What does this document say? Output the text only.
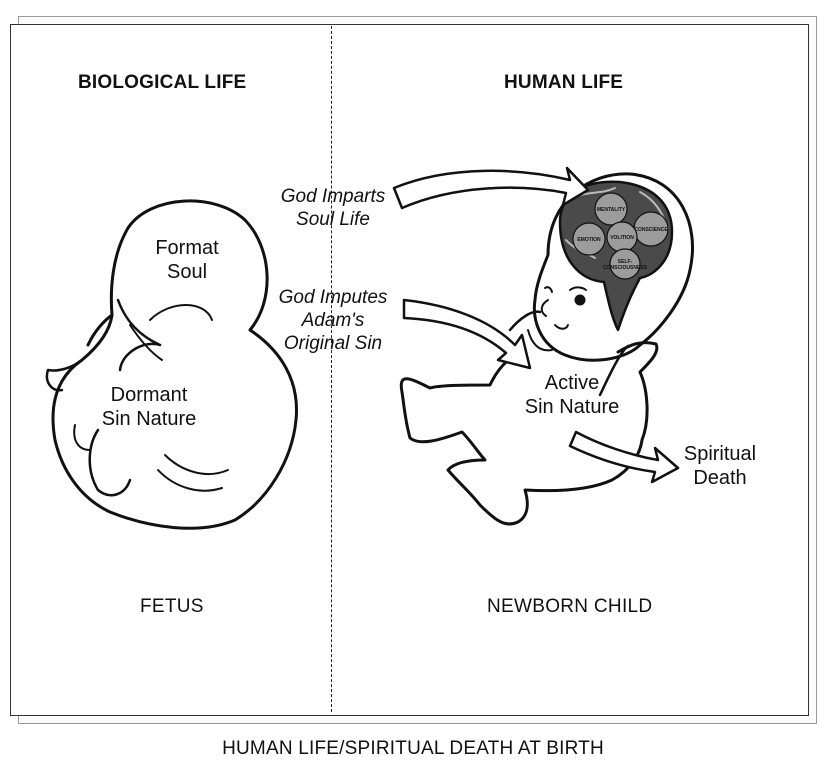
MENTALITY
CONSCIENCE
VOLITION
EMOTION
SELF-
CONSCIOUSNESS
BIOLOGICAL LIFE	HUMAN LIFE
Format
Soul
Dormant
Sin Nature
God Imparts
Soul Life
God Imputes
Adam's
Original Sin
Active
Sin Nature
Spiritual
Death
FETUS	NEWBORN CHILD
HUMAN LIFE/SPIRITUAL DEATH AT BIRTH
